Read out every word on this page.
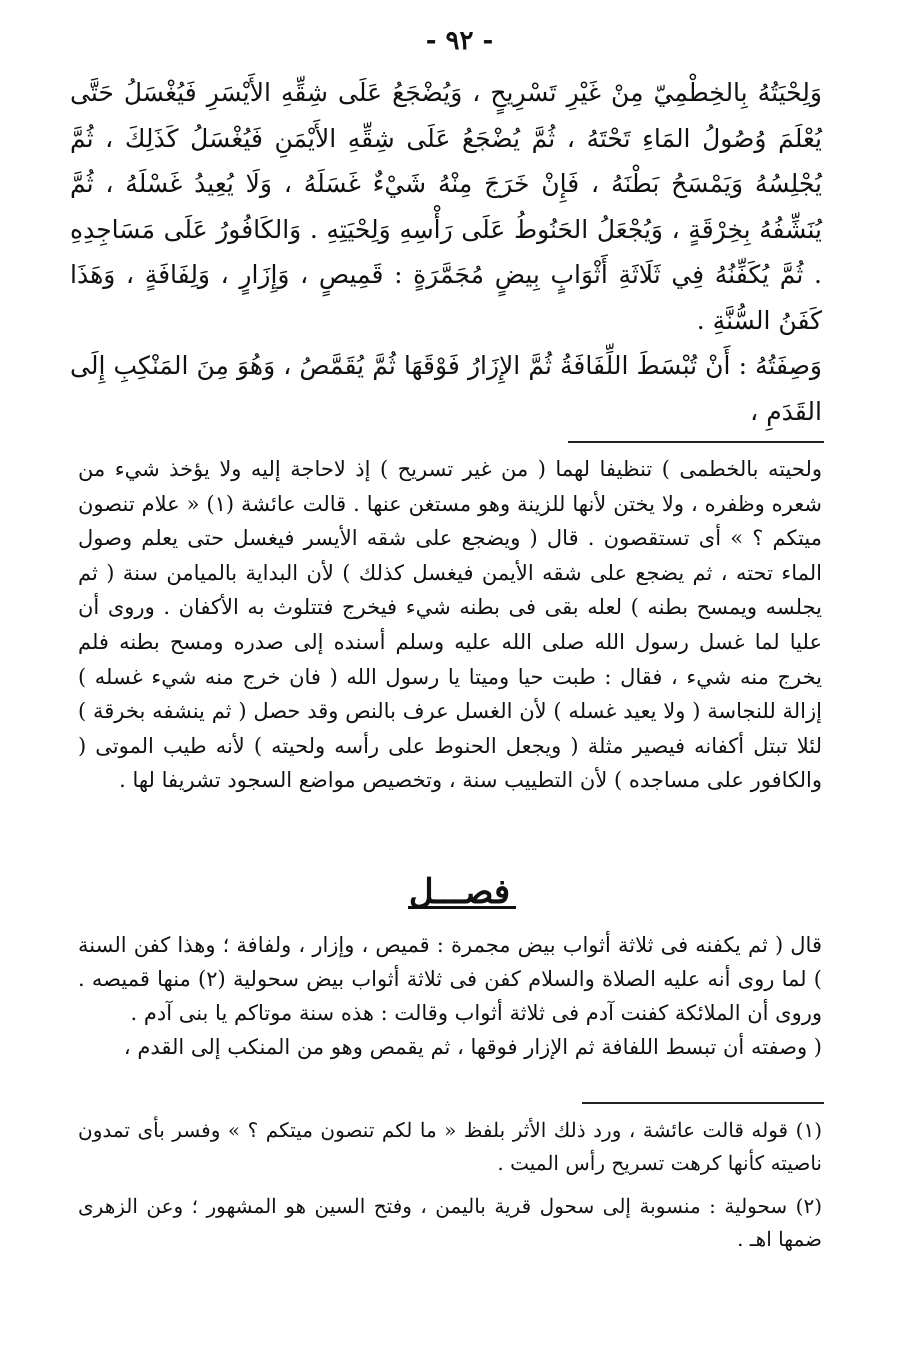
- ٩٢ -

وَلِحْيَتُهُ بِالخِطْمِيّ مِنْ غَيْرِ تَسْرِيحٍ ، وَيُضْجَعُ عَلَى شِقِّهِ الأَيْسَرِ فَيُغْسَلُ حَتَّى يُعْلَمَ وُصُولُ المَاءِ تَحْتَهُ ، ثُمَّ يُضْجَعُ عَلَى شِقِّهِ الأَيْمَنِ فَيُغْسَلُ كَذَلِكَ ، ثُمَّ يُجْلِسُهُ وَيَمْسَحُ بَطْنَهُ ، فَإِنْ خَرَجَ مِنْهُ شَيْءٌ غَسَلَهُ ، وَلَا يُعِيدُ غَسْلَهُ ، ثُمَّ يُنَشِّفُهُ بِخِرْقَةٍ ، وَيُجْعَلُ الحَنُوطُ عَلَى رَأْسِهِ وَلِحْيَتِهِ . وَالكَافُورُ عَلَى مَسَاجِدِهِ . ثُمَّ يُكَفِّنُهُ فِي ثَلَاثَةِ أَثْوَابٍ بِيضٍ مُجَمَّرَةٍ : قَمِيصٍ ، وَإِزَارٍ ، وَلِفَافَةٍ ، وَهَذَا كَفَنُ السُّنَّةِ .

وَصِفَتُهُ : أَنْ تُبْسَطَ اللِّفَافَةُ ثُمَّ الإِزَارُ فَوْقَهَا ثُمَّ يُقَمَّصُ ، وَهُوَ مِنَ المَنْكِبِ إِلَى القَدَمِ ،

ولحيته بالخطمى ) تنظيفا لهما ( من غير تسريح ) إذ لاحاجة إليه ولا يؤخذ شيء من شعره وظفره ، ولا يختن لأنها للزينة وهو مستغن عنها . قالت عائشة (١) « علام تنصون ميتكم ؟ » أى تستقصون . قال ( ويضجع على شقه الأيسر فيغسل حتى يعلم وصول الماء تحته ، ثم يضجع على شقه الأيمن فيغسل كذلك ) لأن البداية بالميامن سنة ( ثم يجلسه ويمسح بطنه ) لعله بقى فى بطنه شيء فيخرج فتتلوث به الأكفان . وروى أن عليا لما غسل رسول الله صلى الله عليه وسلم أسنده إلى صدره ومسح بطنه فلم يخرج منه شيء ، فقال : طبت حيا وميتا يا رسول الله ( فان خرج منه شيء غسله ) إزالة للنجاسة ( ولا يعيد غسله ) لأن الغسل عرف بالنص وقد حصل ( ثم ينشفه بخرقة ) لئلا تبتل أكفانه فيصير مثلة ( ويجعل الحنوط على رأسه ولحيته ) لأنه طيب الموتى ( والكافور على مساجده ) لأن التطييب سنة ، وتخصيص مواضع السجود تشريفا لها .

فصـــل

قال ( ثم يكفنه فى ثلاثة أثواب بيض مجمرة : قميص ، وإزار ، ولفافة ؛ وهذا كفن السنة ) لما روى أنه عليه الصلاة والسلام كفن فى ثلاثة أثواب بيض سحولية (٢) منها قميصه . وروى أن الملائكة كفنت آدم فى ثلاثة أثواب وقالت : هذه سنة موتاكم يا بنى آدم .

( وصفته أن تبسط اللفافة ثم الإزار فوقها ، ثم يقمص وهو من المنكب إلى القدم ،

(١) قوله قالت عائشة ، ورد ذلك الأثر بلفظ « ما لكم تنصون ميتكم ؟ » وفسر بأى تمدون ناصيته كأنها كرهت تسريح رأس الميت .

(٢) سحولية : منسوبة إلى سحول قرية باليمن ، وفتح السين هو المشهور ؛ وعن الزهرى ضمها اهـ .
